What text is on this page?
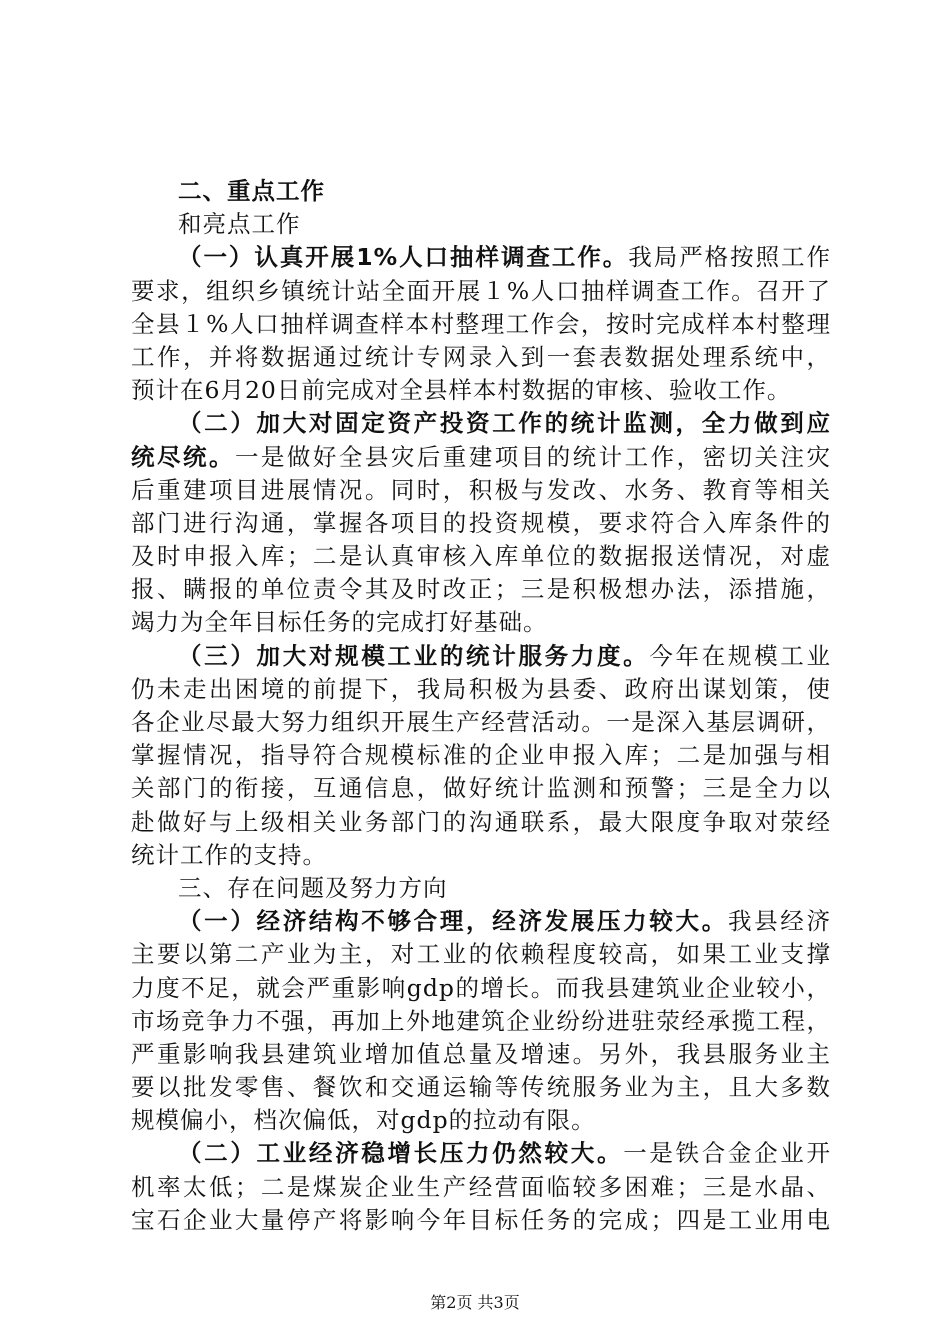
二、重点工作
和亮点工作
（一）认真开展1%人口抽样调查工作。我局严格按照工作
要求，组织乡镇统计站全面开展１%人口抽样调查工作。召开了
全县１%人口抽样调查样本村整理工作会，按时完成样本村整理
工作，并将数据通过统计专网录入到一套表数据处理系统中，
预计在6月20日前完成对全县样本村数据的审核、验收工作。
（二）加大对固定资产投资工作的统计监测，全力做到应
统尽统。一是做好全县灾后重建项目的统计工作，密切关注灾
后重建项目进展情况。同时，积极与发改、水务、教育等相关
部门进行沟通，掌握各项目的投资规模，要求符合入库条件的
及时申报入库；二是认真审核入库单位的数据报送情况，对虚
报、瞒报的单位责令其及时改正；三是积极想办法，添措施，
竭力为全年目标任务的完成打好基础。
（三）加大对规模工业的统计服务力度。今年在规模工业
仍未走出困境的前提下，我局积极为县委、政府出谋划策，使
各企业尽最大努力组织开展生产经营活动。一是深入基层调研，
掌握情况，指导符合规模标准的企业申报入库；二是加强与相
关部门的衔接，互通信息，做好统计监测和预警；三是全力以
赴做好与上级相关业务部门的沟通联系，最大限度争取对荥经
统计工作的支持。
三、存在问题及努力方向
（一）经济结构不够合理，经济发展压力较大。我县经济
主要以第二产业为主，对工业的依赖程度较高，如果工业支撑
力度不足，就会严重影响gdp的增长。而我县建筑业企业较小，
市场竞争力不强，再加上外地建筑企业纷纷进驻荥经承揽工程，
严重影响我县建筑业增加值总量及增速。另外，我县服务业主
要以批发零售、餐饮和交通运输等传统服务业为主，且大多数
规模偏小，档次偏低，对gdp的拉动有限。
（二）工业经济稳增长压力仍然较大。一是铁合金企业开
机率太低；二是煤炭企业生产经营面临较多困难；三是水晶、
宝石企业大量停产将影响今年目标任务的完成；四是工业用电
第2页 共3页
